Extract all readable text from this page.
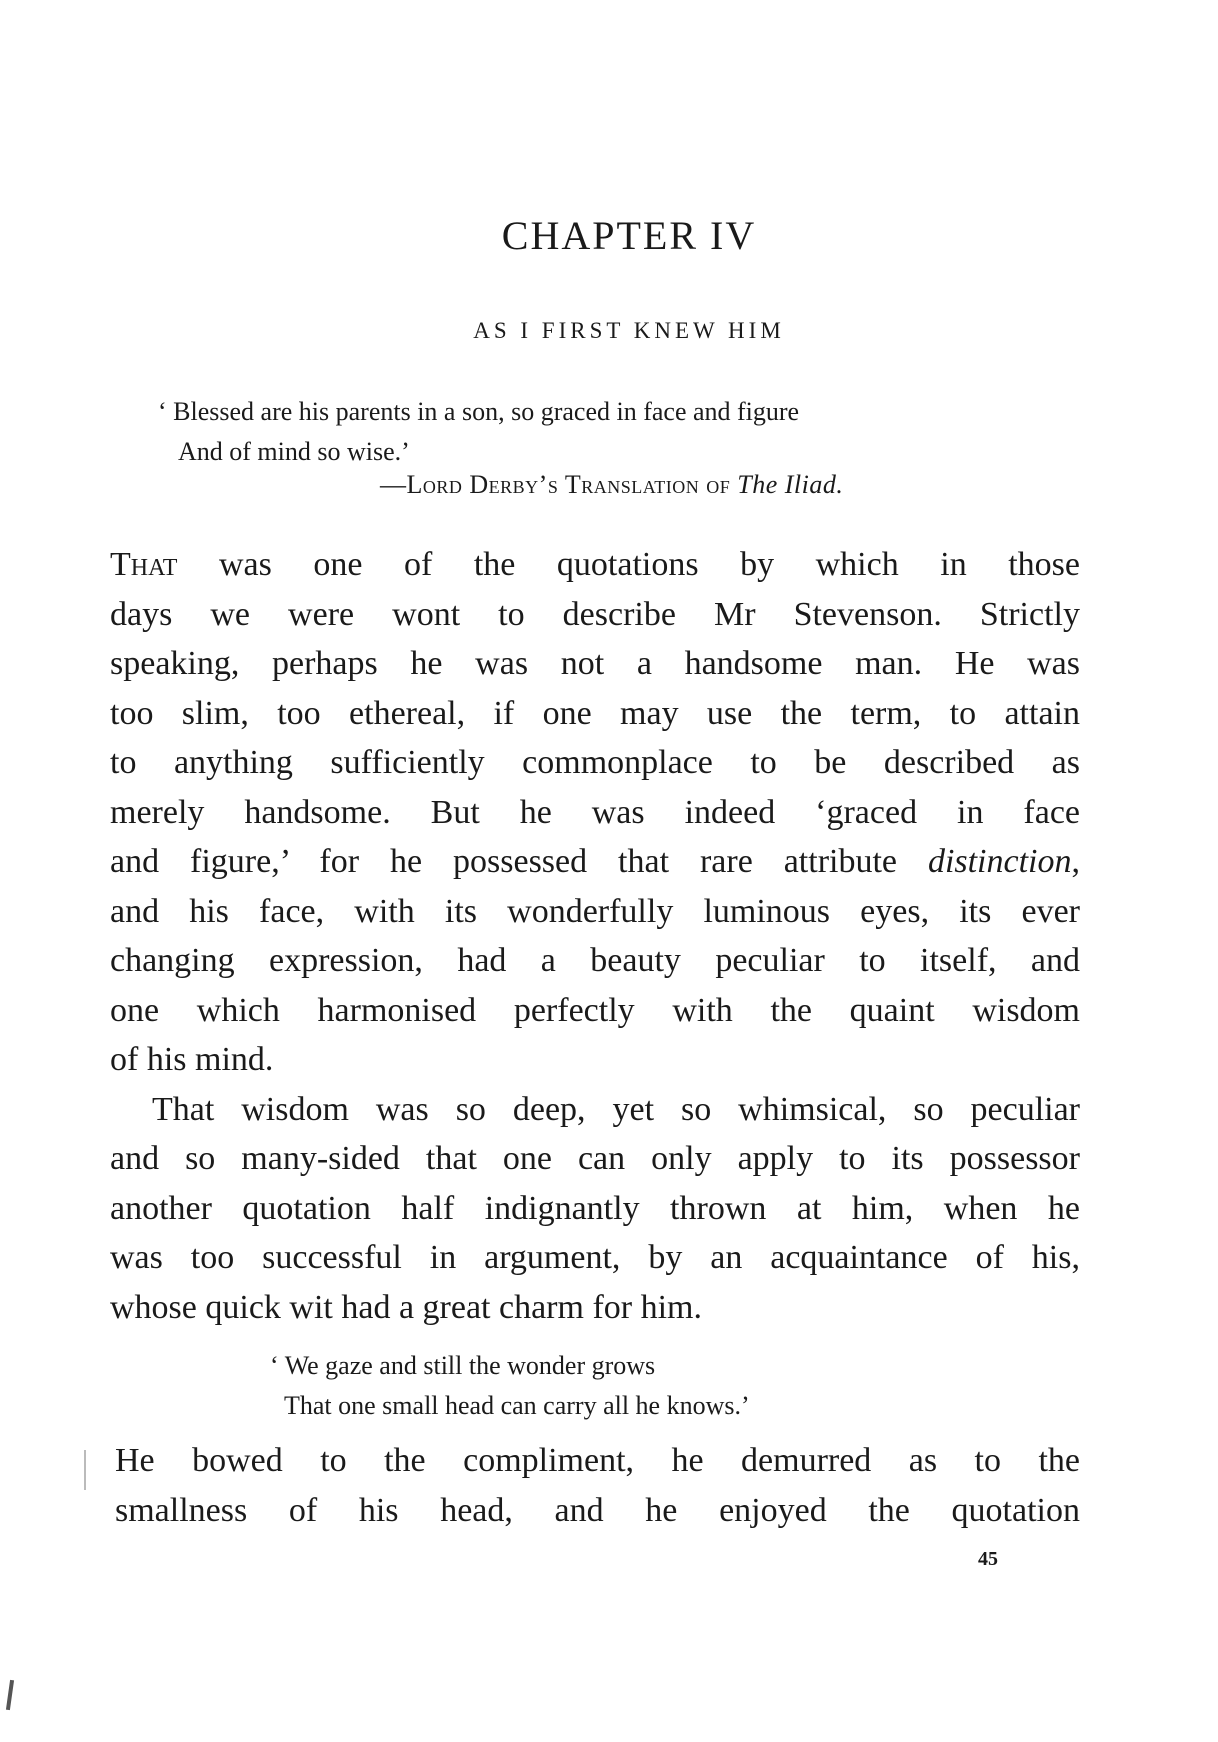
CHAPTER IV
AS I FIRST KNEW HIM
‘ Blessed are his parents in a son, so graced in face and figure
And of mind so wise.’
—Lord Derby’s Translation of The Iliad.
That was one of the quotations by which in those
days we were wont to describe Mr Stevenson. Strictly
speaking, perhaps he was not a handsome man. He was
too slim, too ethereal, if one may use the term, to attain
to anything sufficiently commonplace to be described as
merely handsome. But he was indeed ‘graced in face
and figure,’ for he possessed that rare attribute distinction,
and his face, with its wonderfully luminous eyes, its ever
changing expression, had a beauty peculiar to itself, and
one which harmonised perfectly with the quaint wisdom
of his mind.
That wisdom was so deep, yet so whimsical, so peculiar
and so many-sided that one can only apply to its possessor
another quotation half indignantly thrown at him, when he
was too successful in argument, by an acquaintance of his,
whose quick wit had a great charm for him.
‘ We gaze and still the wonder grows
That one small head can carry all he knows.’
He bowed to the compliment, he demurred as to the
smallness of his head, and he enjoyed the quotation
45
